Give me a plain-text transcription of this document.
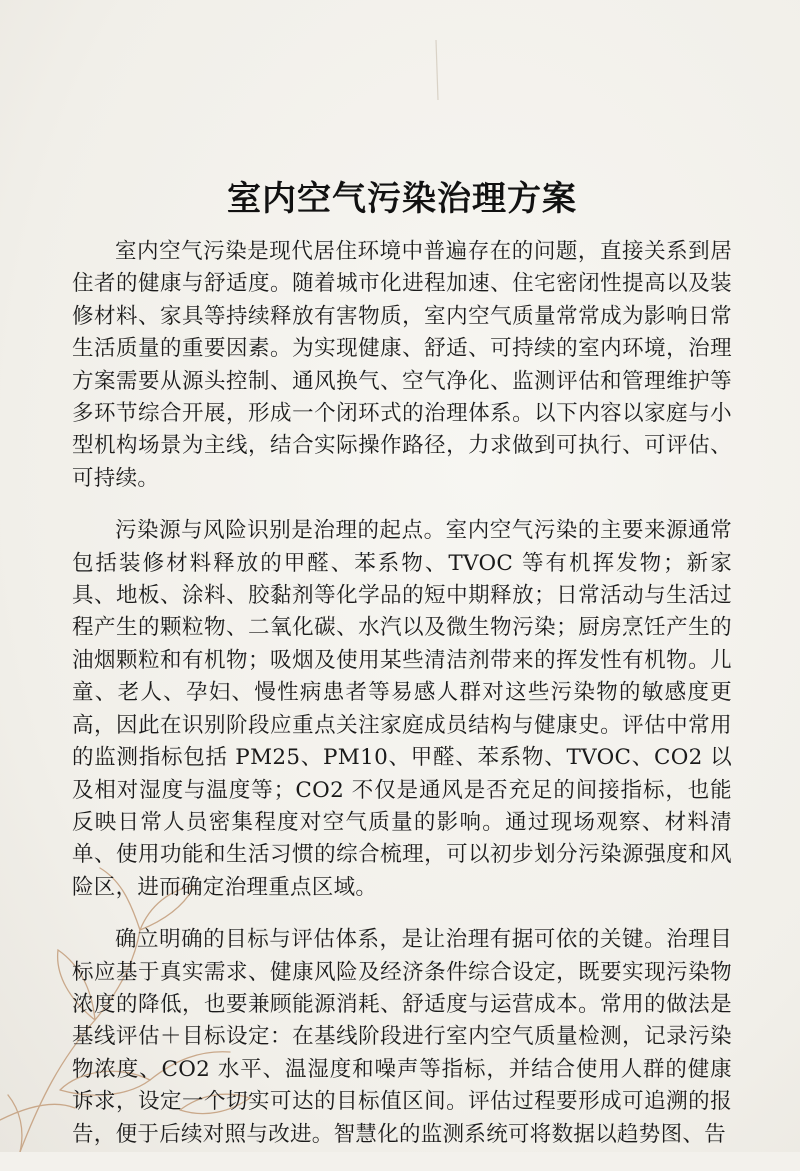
室内空气污染治理方案

室内空气污染是现代居住环境中普遍存在的问题，直接关系到居住者的健康与舒适度。随着城市化进程加速、住宅密闭性提高以及装修材料、家具等持续释放有害物质，室内空气质量常常成为影响日常生活质量的重要因素。为实现健康、舒适、可持续的室内环境，治理方案需要从源头控制、通风换气、空气净化、监测评估和管理维护等多环节综合开展，形成一个闭环式的治理体系。以下内容以家庭与小型机构场景为主线，结合实际操作路径，力求做到可执行、可评估、可持续。

污染源与风险识别是治理的起点。室内空气污染的主要来源通常包括装修材料释放的甲醛、苯系物、TVOC 等有机挥发物；新家具、地板、涂料、胶黏剂等化学品的短中期释放；日常活动与生活过程产生的颗粒物、二氧化碳、水汽以及微生物污染；厨房烹饪产生的油烟颗粒和有机物；吸烟及使用某些清洁剂带来的挥发性有机物。儿童、老人、孕妇、慢性病患者等易感人群对这些污染物的敏感度更高，因此在识别阶段应重点关注家庭成员结构与健康史。评估中常用的监测指标包括 PM25、PM10、甲醛、苯系物、TVOC、CO2 以及相对湿度与温度等；CO2 不仅是通风是否充足的间接指标，也能反映日常人员密集程度对空气质量的影响。通过现场观察、材料清单、使用功能和生活习惯的综合梳理，可以初步划分污染源强度和风险区，进而确定治理重点区域。

确立明确的目标与评估体系，是让治理有据可依的关键。治理目标应基于真实需求、健康风险及经济条件综合设定，既要实现污染物浓度的降低，也要兼顾能源消耗、舒适度与运营成本。常用的做法是基线评估＋目标设定：在基线阶段进行室内空气质量检测，记录污染物浓度、CO2 水平、温湿度和噪声等指标，并结合使用人群的健康诉求，设定一个切实可达的目标值区间。评估过程要形成可追溯的报告，便于后续对照与改进。智慧化的监测系统可将数据以趋势图、告
